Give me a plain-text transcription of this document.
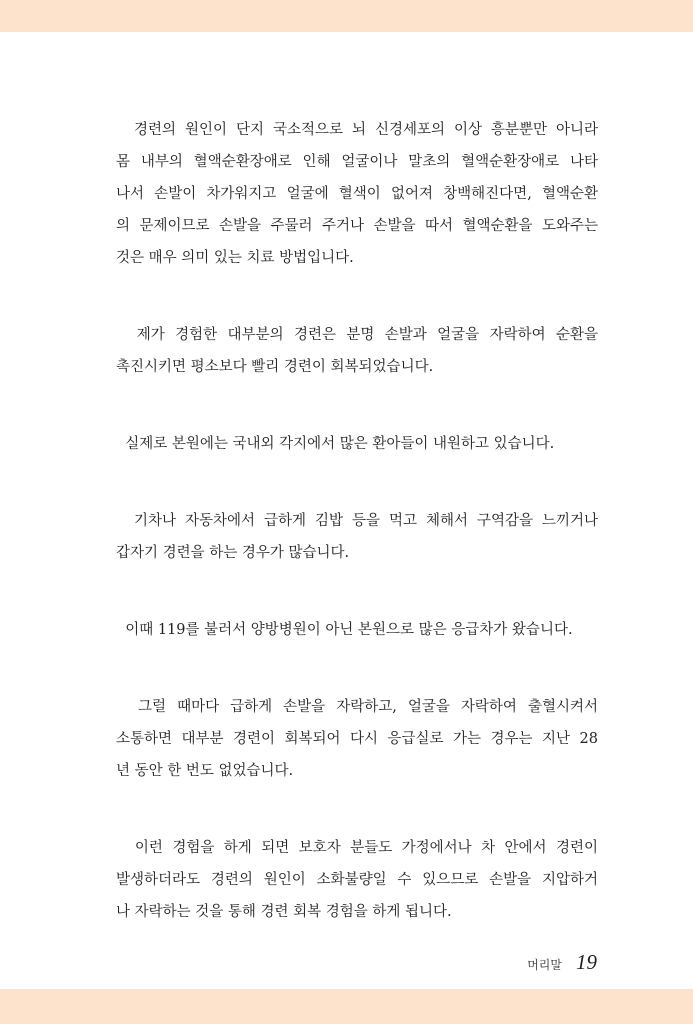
경련의 원인이 단지 국소적으로 뇌 신경세포의 이상 흥분뿐만 아니라
몸 내부의 혈액순환장애로 인해 얼굴이나 말초의 혈액순환장애로 나타
나서 손발이 차가워지고 얼굴에 혈색이 없어져 창백해진다면, 혈액순환
의 문제이므로 손발을 주물러 주거나 손발을 따서 혈액순환을 도와주는
것은 매우 의미 있는 치료 방법입니다.

제가 경험한 대부분의 경련은 분명 손발과 얼굴을 자락하여 순환을
촉진시키면 평소보다 빨리 경련이 회복되었습니다.

실제로 본원에는 국내외 각지에서 많은 환아들이 내원하고 있습니다.

기차나 자동차에서 급하게 김밥 등을 먹고 체해서 구역감을 느끼거나
갑자기 경련을 하는 경우가 많습니다.

이때 119를 불러서 양방병원이 아닌 본원으로 많은 응급차가 왔습니다.

그럴 때마다 급하게 손발을 자락하고, 얼굴을 자락하여 출혈시켜서
소통하면 대부분 경련이 회복되어 다시 응급실로 가는 경우는 지난 28
년 동안 한 번도 없었습니다.

이런 경험을 하게 되면 보호자 분들도 가정에서나 차 안에서 경련이
발생하더라도 경련의 원인이 소화불량일 수 있으므로 손발을 지압하거
나 자락하는 것을 통해 경련 회복 경험을 하게 됩니다.

머리말 19
